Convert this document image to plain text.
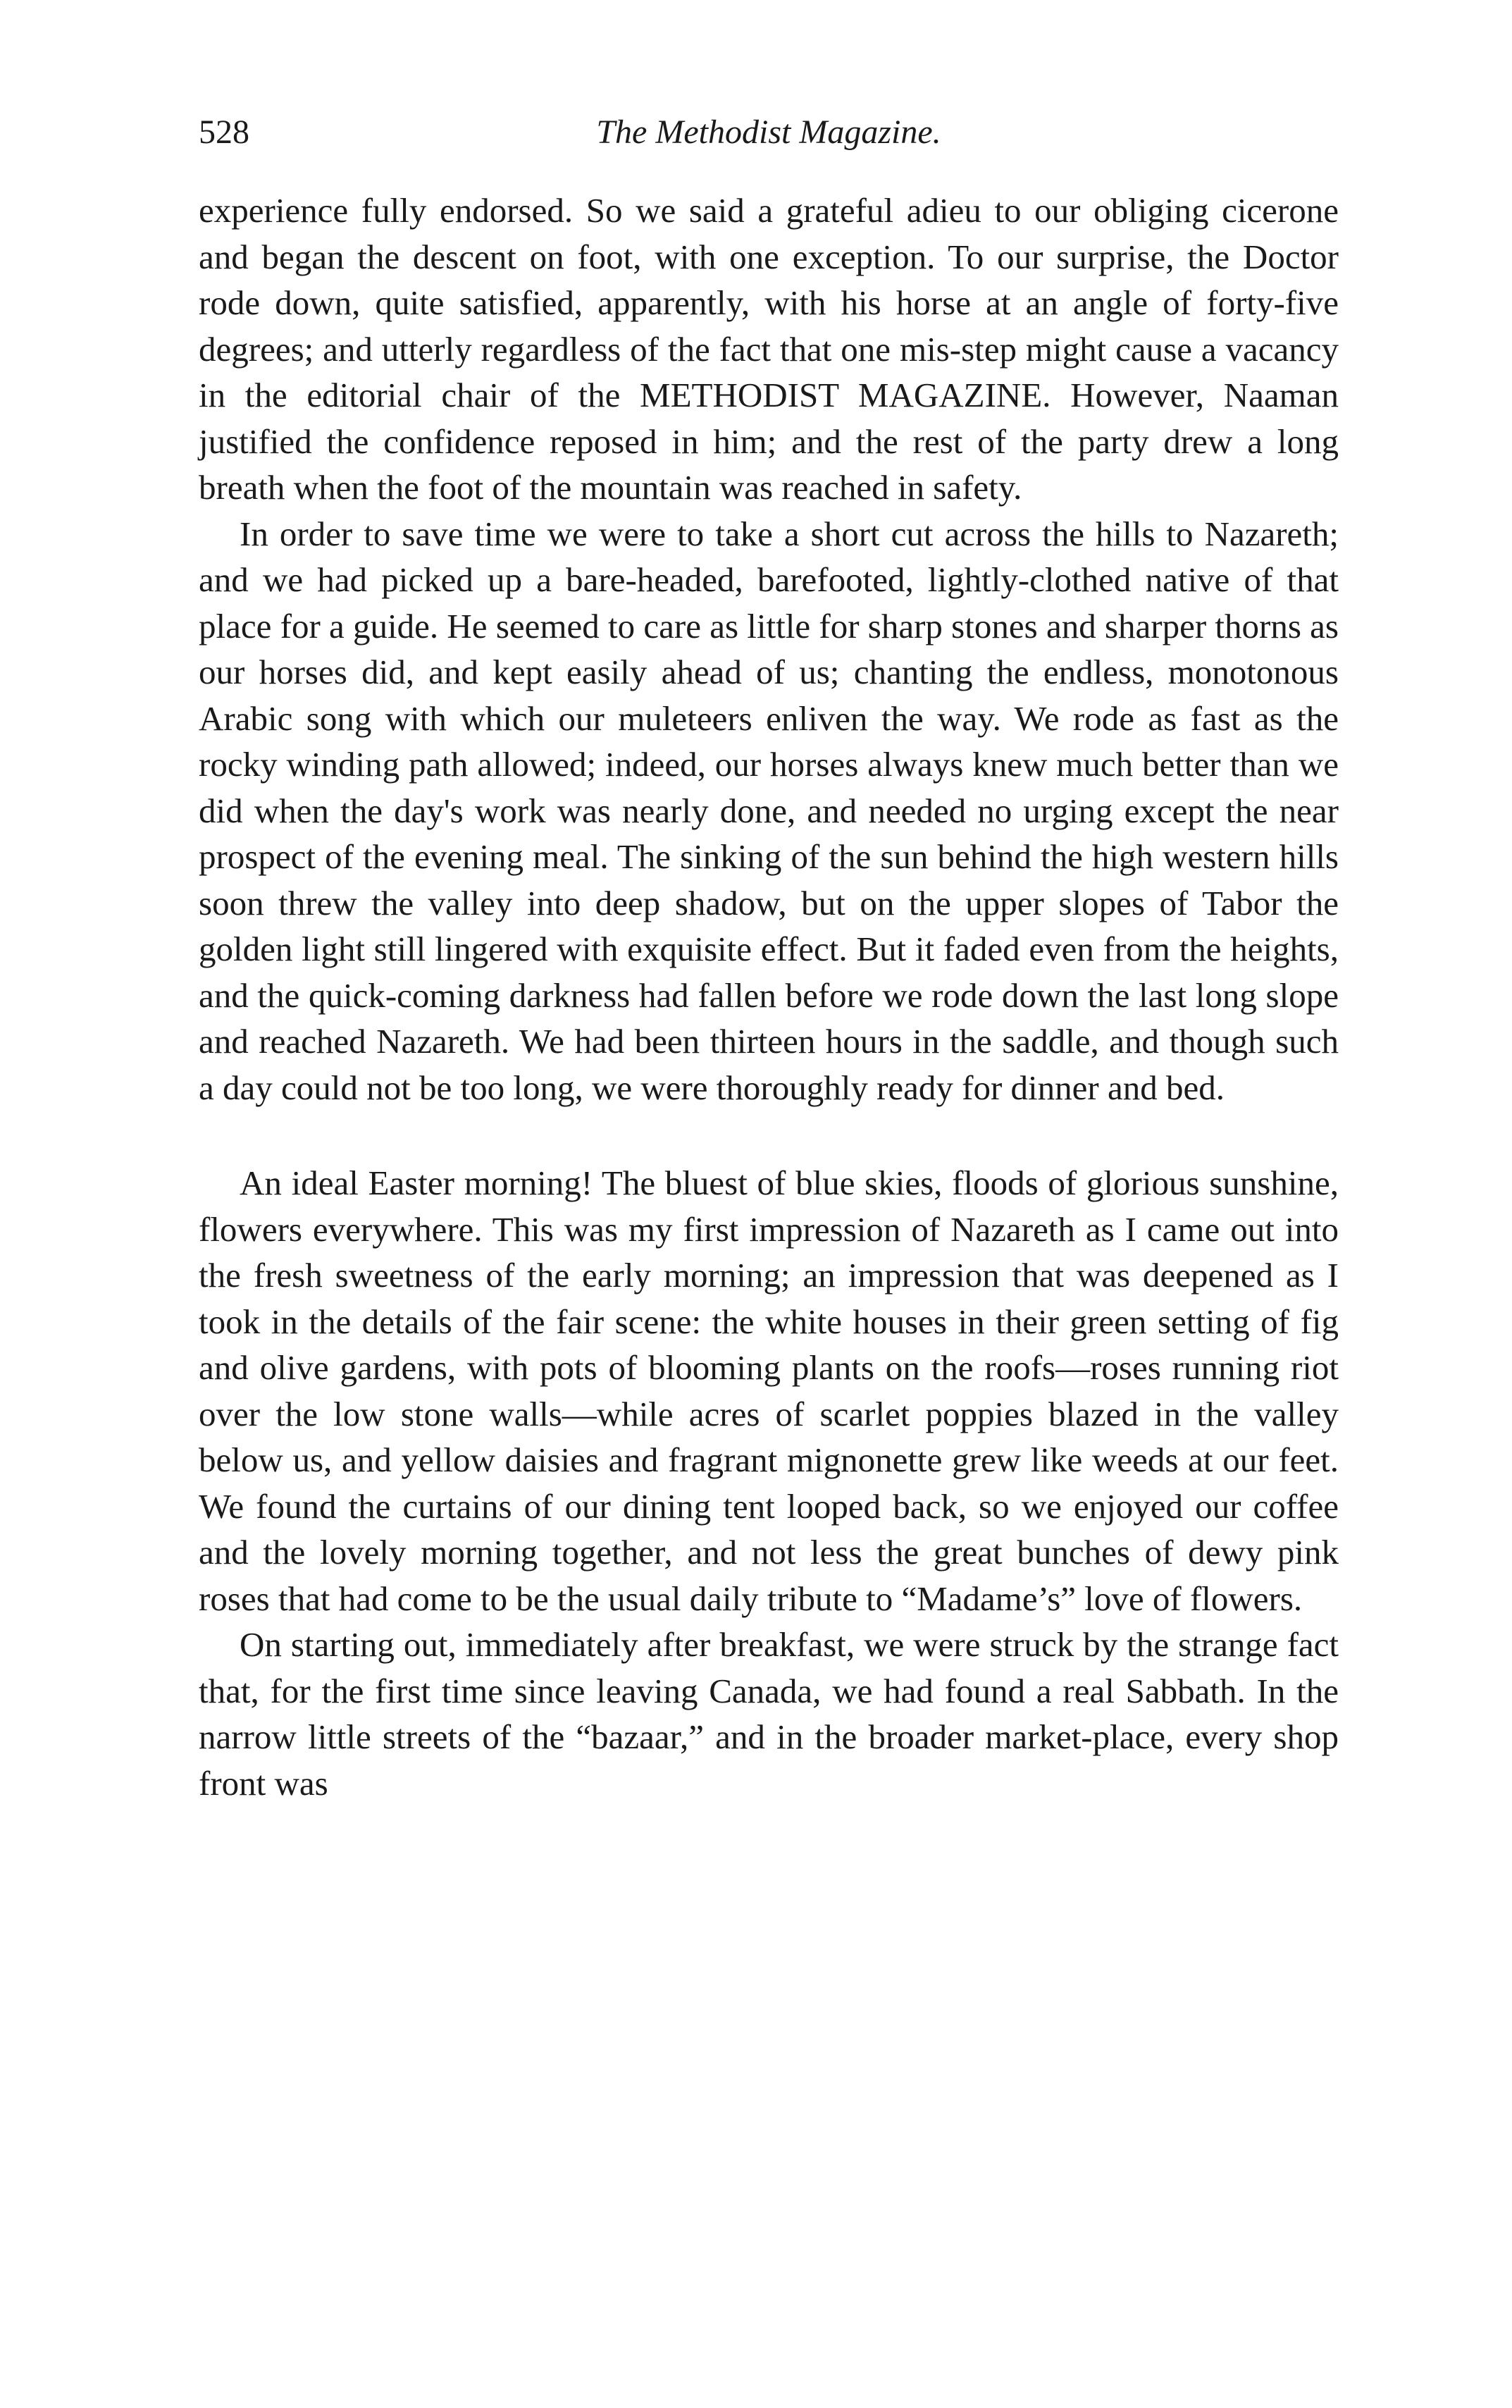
528	The Methodist Magazine.

experience fully endorsed. So we said a grateful adieu to our obliging cicerone and began the descent on foot, with one exception. To our surprise, the Doctor rode down, quite satisfied, apparently, with his horse at an angle of forty-five degrees; and utterly regardless of the fact that one mis-step might cause a vacancy in the editorial chair of the METHODIST MAGAZINE. However, Naaman justified the confidence reposed in him; and the rest of the party drew a long breath when the foot of the mountain was reached in safety.

In order to save time we were to take a short cut across the hills to Nazareth; and we had picked up a bare-headed, barefooted, lightly-clothed native of that place for a guide. He seemed to care as little for sharp stones and sharper thorns as our horses did, and kept easily ahead of us; chanting the endless, monotonous Arabic song with which our muleteers enliven the way. We rode as fast as the rocky winding path allowed; indeed, our horses always knew much better than we did when the day's work was nearly done, and needed no urging except the near prospect of the evening meal. The sinking of the sun behind the high western hills soon threw the valley into deep shadow, but on the upper slopes of Tabor the golden light still lingered with exquisite effect. But it faded even from the heights, and the quick-coming darkness had fallen before we rode down the last long slope and reached Nazareth. We had been thirteen hours in the saddle, and though such a day could not be too long, we were thoroughly ready for dinner and bed.

An ideal Easter morning! The bluest of blue skies, floods of glorious sunshine, flowers everywhere. This was my first impression of Nazareth as I came out into the fresh sweetness of the early morning; an impression that was deepened as I took in the details of the fair scene: the white houses in their green setting of fig and olive gardens, with pots of blooming plants on the roofs—roses running riot over the low stone walls—while acres of scarlet poppies blazed in the valley below us, and yellow daisies and fragrant mignonette grew like weeds at our feet. We found the curtains of our dining tent looped back, so we enjoyed our coffee and the lovely morning together, and not less the great bunches of dewy pink roses that had come to be the usual daily tribute to “Madame’s” love of flowers.

On starting out, immediately after breakfast, we were struck by the strange fact that, for the first time since leaving Canada, we had found a real Sabbath. In the narrow little streets of the “bazaar,” and in the broader market-place, every shop front was
